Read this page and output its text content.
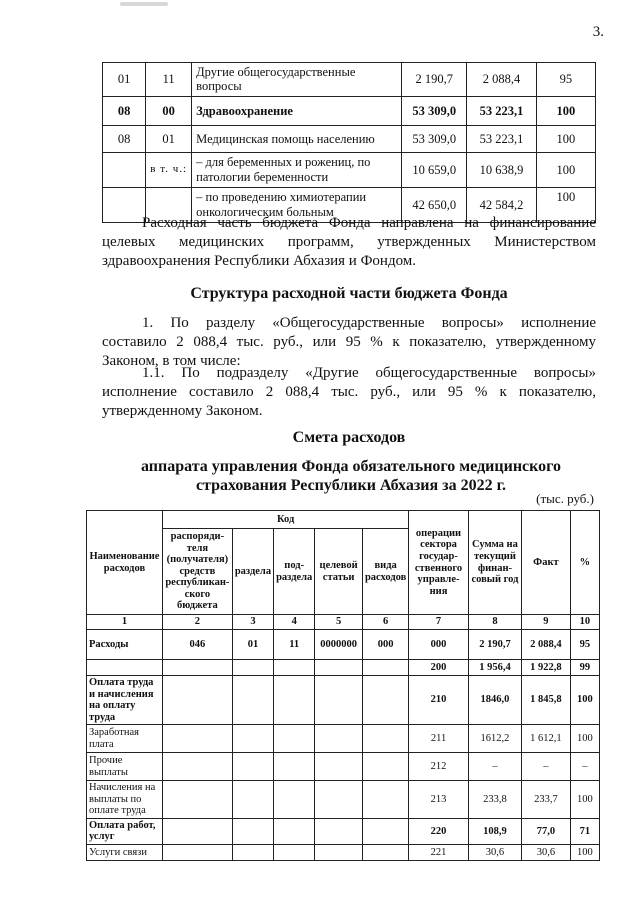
3.
01	11	Другие общегосударственные вопросы	2 190,7	2 088,4	95
08	00	Здравоохранение	53 309,0	53 223,1	100
08	01	Медицинская помощь населению	53 309,0	53 223,1	100
	в т. ч.:	– для беременных и рожениц, по патологии беременности	10 659,0	10 638,9	100
		– по проведению химиотерапии онкологическим больным	42 650,0	42 584,2	100

Расходная часть бюджета Фонда направлена на финансирование целевых медицинских программ, утвержденных Министерством здравоохранения Республики Абхазия и Фондом.

Структура расходной части бюджета Фонда

1. По разделу «Общегосударственные вопросы» исполнение составило 2 088,4 тыс. руб., или 95 % к показателю, утвержденному Законом, в том числе:

1.1. По подразделу «Другие общегосударственные вопросы» исполнение составило 2 088,4 тыс. руб., или 95 % к показателю, утвержденному Законом.

Смета расходов

аппарата управления Фонда обязательного медицинского страхования Республики Абхазия за 2022 г.

(тыс. руб.)
Наименование расходов	Код					операции сектора государ-ственного управле-ния	Сумма на текущий финан-совый год	Факт	%
	распоряди-теля (получателя) средств республикан-ского бюджета	раздела	под-раздела	целевой статьи	вида расходов				
1	2	3	4	5	6	7	8	9	10
Расходы	046	01	11	0000000	000	000	2 190,7	2 088,4	95
						200	1 956,4	1 922,8	99
Оплата труда и начисления на оплату труда						210	1846,0	1 845,8	100
Заработная плата						211	1612,2	1 612,1	100
Прочие выплаты						212	–	–	–
Начисления на выплаты по оплате труда						213	233,8	233,7	100
Оплата работ, услуг						220	108,9	77,0	71
Услуги связи						221	30,6	30,6	100
